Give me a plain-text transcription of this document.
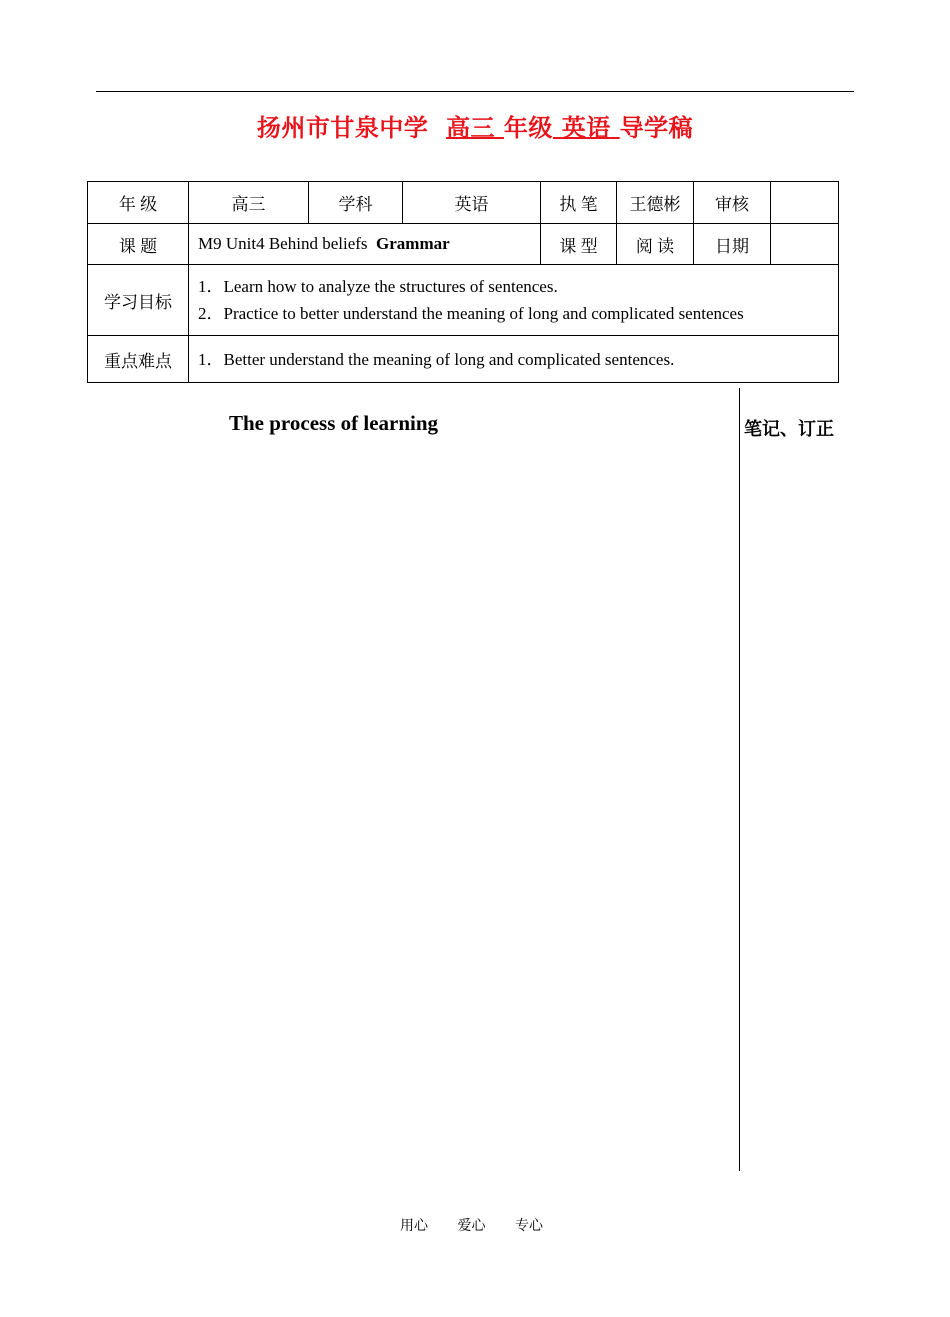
扬州市甘泉中学 高三 年级 英语 导学稿
年 级	高三	学科	英语	执 笔	王德彬	审核	
课 题	M9 Unit4 Behind beliefs Grammar			课 型	阅 读	日期	
学习目标	1．Learn how to analyze the structures of sentences.
2．Practice to better understand the meaning of long and complicated sentences						

重点难点	1．Better understand the meaning of long and complicated sentences.						
The process of learning	笔记、订正
用心 爱心 专心
